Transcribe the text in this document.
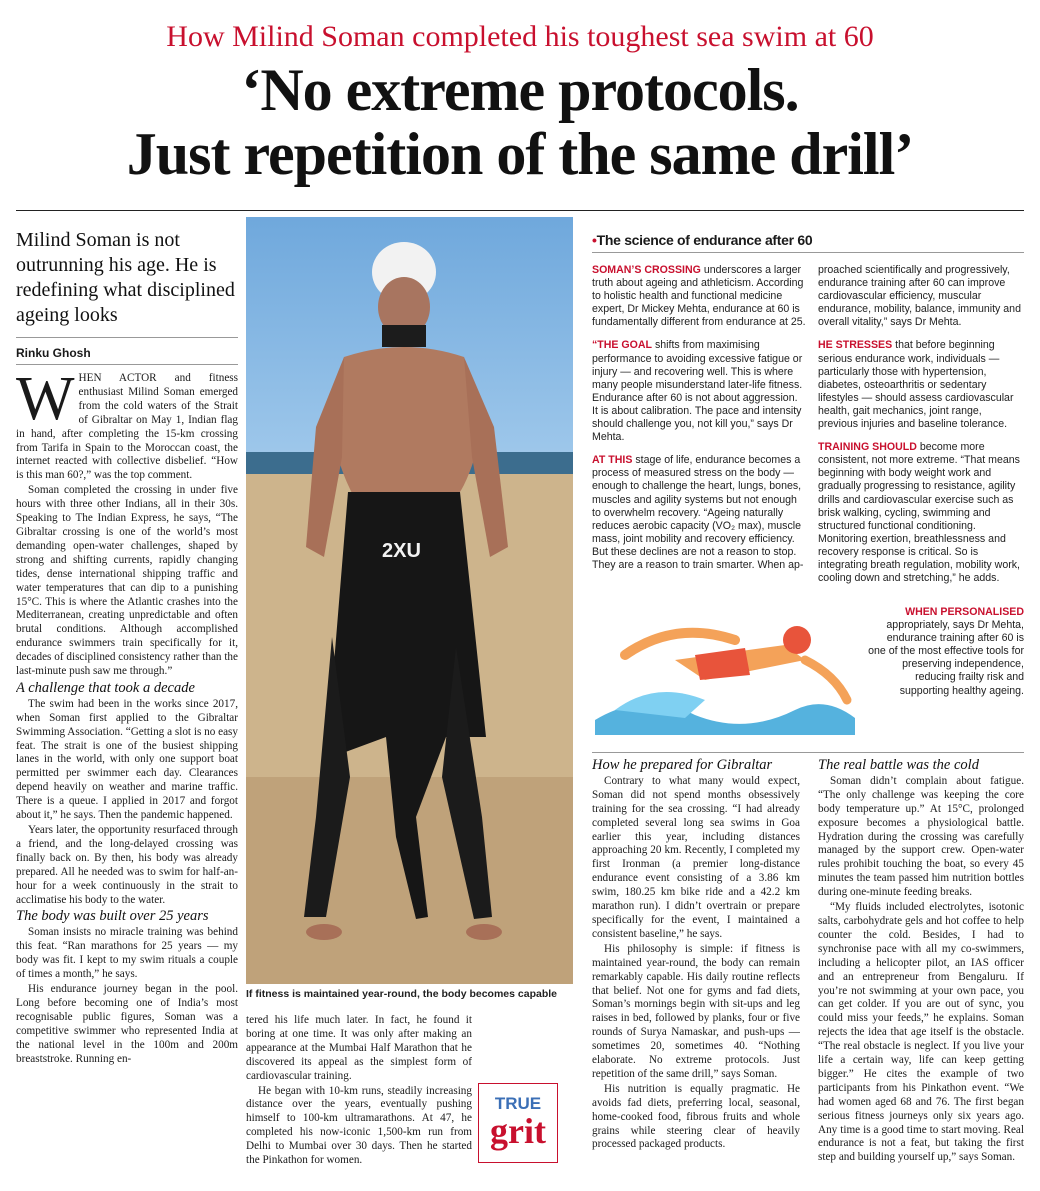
How Milind Soman completed his toughest sea swim at 60
‘No extreme protocols.
Just repetition of the same drill’
Milind Soman is not outrunning his age. He is redefining what disciplined ageing looks
Rinku Ghosh

WHEN ACTOR and fitness enthusiast Milind Soman emerged from the cold waters of the Strait of Gibraltar on May 1, Indian flag in hand, after completing the 15-km crossing from Tarifa in Spain to the Moroccan coast, the internet reacted with collective disbelief. “How is this man 60?,” was the top comment.

Soman completed the crossing in under five hours with three other Indians, all in their 30s. Speaking to The Indian Express, he says, “The Gibraltar crossing is one of the world’s most demanding open-water challenges, shaped by strong and shifting currents, rapidly changing tides, dense international shipping traffic and water temperatures that can dip to a punishing 15°C. This is where the Atlantic crashes into the Mediterranean, creating unpredictable and often brutal conditions. Although accomplished endurance swimmers train specifically for it, decades of disciplined consistency rather than the last-minute push saw me through.”

A challenge that took a decade

The swim had been in the works since 2017, when Soman first applied to the Gibraltar Swimming Association. “Getting a slot is no easy feat. The strait is one of the busiest shipping lanes in the world, with only one support boat permitted per swimmer each day. Clearances depend heavily on weather and marine traffic. There is a queue. I applied in 2017 and forgot about it,” he says. Then the pandemic happened.

Years later, the opportunity resurfaced through a friend, and the long-delayed crossing was finally back on. By then, his body was already prepared. All he needed was to swim for half-an-hour for a week continuously in the strait to acclimatise his body to the water.

The body was built over 25 years

Soman insists no miracle training was behind this feat. “Ran marathons for 25 years — my body was fit. I kept to my swim rituals a couple of times a month,” he says.

His endurance journey began in the pool. Long before becoming one of India’s most recognisable public figures, Soman was a competitive swimmer who represented India at the national level in the 100m and 200m breaststroke. Running en-

2XU
If fitness is maintained year-round, the body becomes capable

tered his life much later. In fact, he found it boring at one time. It was only after making an appearance at the Mumbai Half Marathon that he discovered its appeal as the simplest form of cardiovascular training.

He began with 10-km runs, steadily increasing distance over the years, eventually pushing himself to 100-km ultramarathons. At 47, he completed his now-iconic 1,500-km run from Delhi to Mumbai over 30 days. Then he started the Pinkathon for women.

TRUE
grit
•The science of endurance after 60

SOMAN’S CROSSING underscores a larger truth about ageing and athleticism. According to holistic health and functional medicine expert, Dr Mickey Mehta, endurance at 60 is fundamentally different from endurance at 25.

“THE GOAL shifts from maximising performance to avoiding excessive fatigue or injury — and recovering well. This is where many people misunderstand later-life fitness. Endurance after 60 is not about aggression. It is about calibration. The pace and intensity should challenge you, not kill you,” says Dr Mehta.

AT THIS stage of life, endurance becomes a process of measured stress on the body — enough to challenge the heart, lungs, bones, muscles and agility systems but not enough to overwhelm recovery. “Ageing naturally reduces aerobic capacity (VO₂ max), muscle mass, joint mobility and recovery efficiency. But these declines are not a reason to stop. They are a reason to train smarter. When ap-

proached scientifically and progressively, endurance training after 60 can improve cardiovascular efficiency, muscular endurance, mobility, balance, immunity and overall vitality,” says Dr Mehta.

HE STRESSES that before beginning serious endurance work, individuals — particularly those with hypertension, diabetes, osteoarthritis or sedentary lifestyles — should assess cardiovascular health, gait mechanics, joint range, previous injuries and baseline tolerance.

TRAINING SHOULD become more consistent, not more extreme. “That means beginning with body weight work and gradually progressing to resistance, agility drills and cardiovascular exercise such as brisk walking, cycling, swimming and structured functional conditioning. Monitoring exertion, breathlessness and recovery response is critical. So is integrating breath regulation, mobility work, cooling down and stretching,” he adds.

WHEN PERSONALISED appropriately, says Dr Mehta, endurance training after 60 is one of the most effective tools for preserving independence, reducing frailty risk and supporting healthy ageing.

How he prepared for Gibraltar

Contrary to what many would expect, Soman did not spend months obsessively training for the sea crossing. “I had already completed several long sea swims in Goa earlier this year, including distances approaching 20 km. Recently, I completed my first Ironman (a premier long-distance endurance event consisting of a 3.86 km swim, 180.25 km bike ride and a 42.2 km marathon run). I didn’t overtrain or prepare specifically for the event, I maintained a consistent baseline,” he says.

His philosophy is simple: if fitness is maintained year-round, the body can remain remarkably capable. His daily routine reflects that belief. Not one for gyms and fad diets, Soman’s mornings begin with sit-ups and leg raises in bed, followed by planks, four or five rounds of Surya Namaskar, and push-ups — sometimes 20, sometimes 40. “Nothing elaborate. No extreme protocols. Just repetition of the same drill,” says Soman.

His nutrition is equally pragmatic. He avoids fad diets, preferring local, seasonal, home-cooked food, fibrous fruits and whole grains while steering clear of heavily processed packaged products.

The real battle was the cold

Soman didn’t complain about fatigue. “The only challenge was keeping the core body temperature up.” At 15°C, prolonged exposure becomes a physiological battle. Hydration during the crossing was carefully managed by the support crew. Open-water rules prohibit touching the boat, so every 45 minutes the team passed him nutrition bottles during one-minute feeding breaks.

“My fluids included electrolytes, isotonic salts, carbohydrate gels and hot coffee to help counter the cold. Besides, I had to synchronise pace with all my co-swimmers, including a helicopter pilot, an IAS officer and an entrepreneur from Bengaluru. If you’re not swimming at your own pace, you can get colder. If you are out of sync, you could miss your feeds,” he explains. Soman rejects the idea that age itself is the obstacle. “The real obstacle is neglect. If you live your life a certain way, life can keep getting bigger.” He cites the example of two participants from his Pinkathon event. “We had women aged 68 and 76. The first began serious fitness journeys only six years ago. Any time is a good time to start moving. Real endurance is not a feat, but taking the first step and building yourself up,” says Soman.
